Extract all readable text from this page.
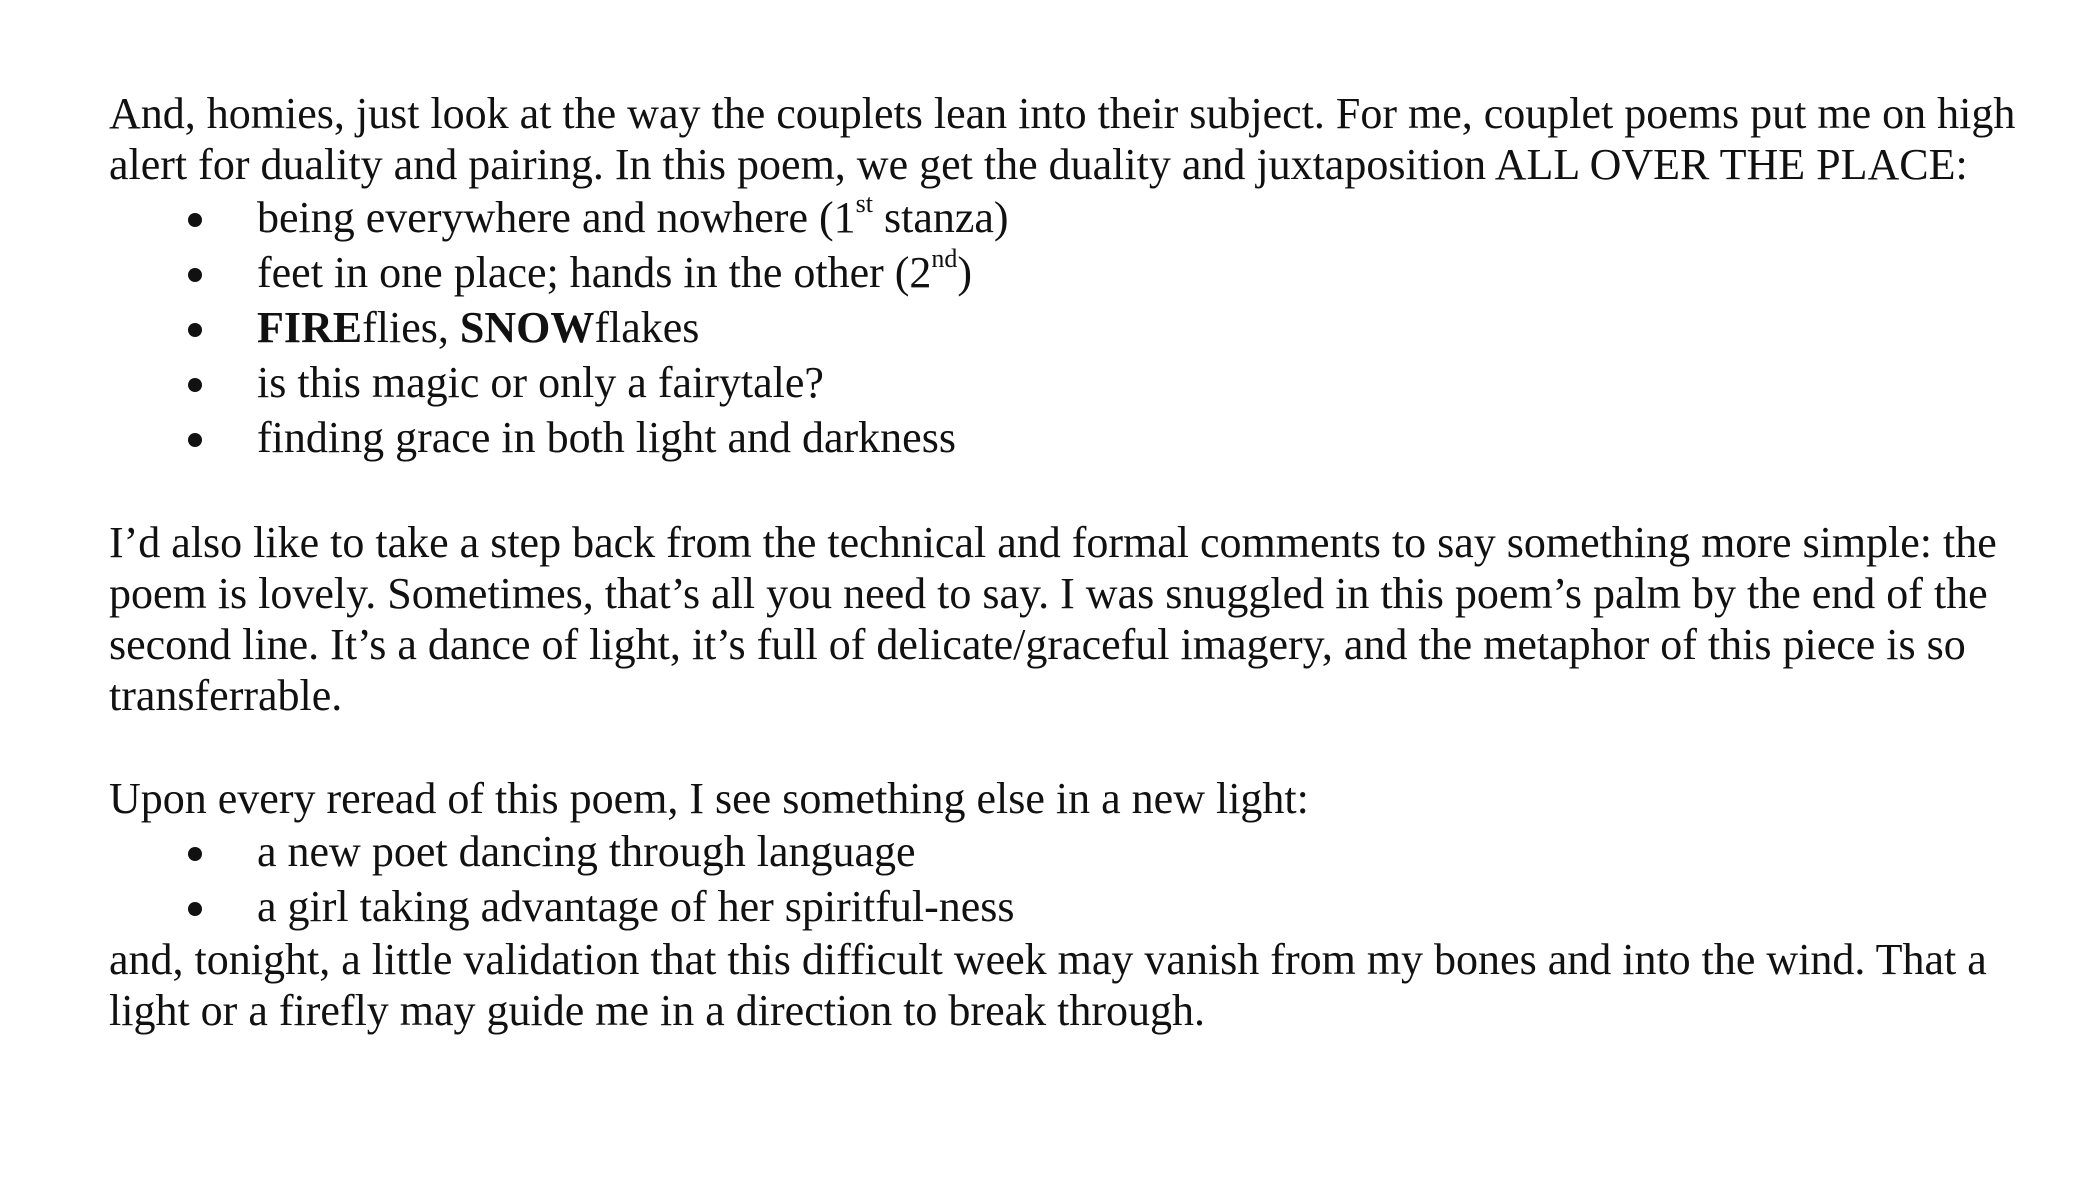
And, homies, just look at the way the couplets lean into their subject. For me, couplet poems put me on high alert for duality and pairing. In this poem, we get the duality and juxtaposition ALL OVER THE PLACE:

being everywhere and nowhere (1st stanza)
feet in one place; hands in the other (2nd)
FIREflies, SNOWflakes
is this magic or only a fairytale?
finding grace in both light and darkness

I’d also like to take a step back from the technical and formal comments to say something more simple: the poem is lovely. Sometimes, that’s all you need to say. I was snuggled in this poem’s palm by the end of the second line. It’s a dance of light, it’s full of delicate/graceful imagery, and the metaphor of this piece is so transferrable.

Upon every reread of this poem, I see something else in a new light:

a new poet dancing through language
a girl taking advantage of her spiritful-ness

and, tonight, a little validation that this difficult week may vanish from my bones and into the wind. That a light or a firefly may guide me in a direction to break through.
